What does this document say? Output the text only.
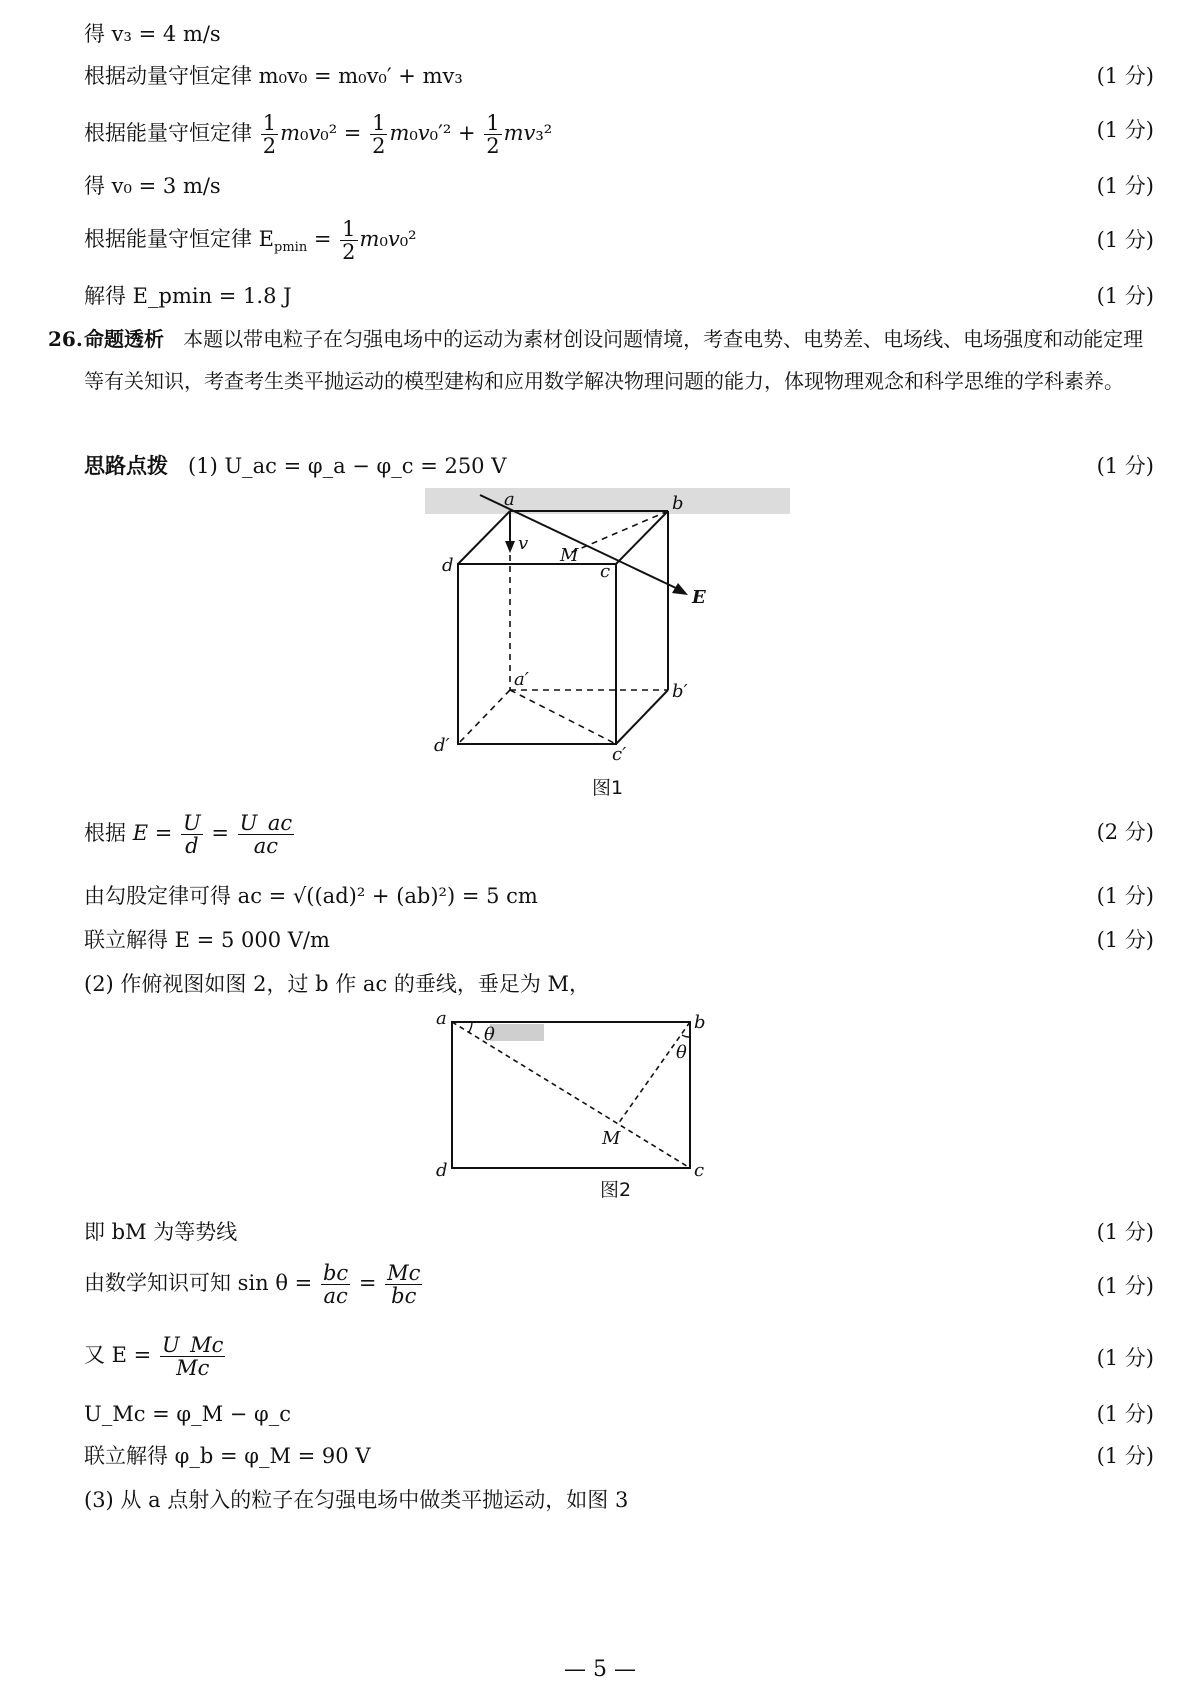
得 v₃ = 4 m/s
根据动量守恒定律 m₀v₀ = m₀v₀′ + mv₃	(1 分)
根据能量守恒定律 $\frac{1}{2} m_0v_0^2 = \frac{1}{2} m_0v_0'^2 + \frac{1}{2} mv_3^2$	(1 分)
得 v₀ = 3 m/s	(1 分)
根据能量守恒定律 $E_{pmin} = \frac{1}{2} m_0v_0^2$	(1 分)
解得 E_pmin = 1.8 J	(1 分)
26. 命题透析 本题以带电粒子在匀强电场中的运动为素材创设问题情境，考查电势、电势差、电场线、电场强度和动能定理等有关知识，考查考生类平抛运动的模型建构和应用数学解决物理问题的能力，体现物理观念和科学思维的学科素养。
思路点拨 (1) U_ac = φ_a − φ_c = 250 V	(1 分)
a	b
c
d
a′
b′
c′
d′
v
M
E
图1
根据 $E = \frac{U}{d} = \frac{U\_ac}{ac}$	(2 分)
由勾股定律可得 ac = √((ad)² + (ab)²) = 5 cm	(1 分)
联立解得 E = 5 000 V/m	(1 分)
(2) 作俯视图如图 2，过 b 作 ac 的垂线，垂足为 M，
a	b
c
d
M
θ
θ
图2
即 bM 为等势线	(1 分)
由数学知识可知 $\sin \theta = \frac{bc}{ac} = \frac{Mc}{bc}$	(1 分)
又 $E = \frac{U\_Mc}{Mc}$	(1 分)
U_Mc = φ_M − φ_c	(1 分)
联立解得 φ_b = φ_M = 90 V	(1 分)
(3) 从 a 点射入的粒子在匀强电场中做类平抛运动，如图 3
— 5 —
